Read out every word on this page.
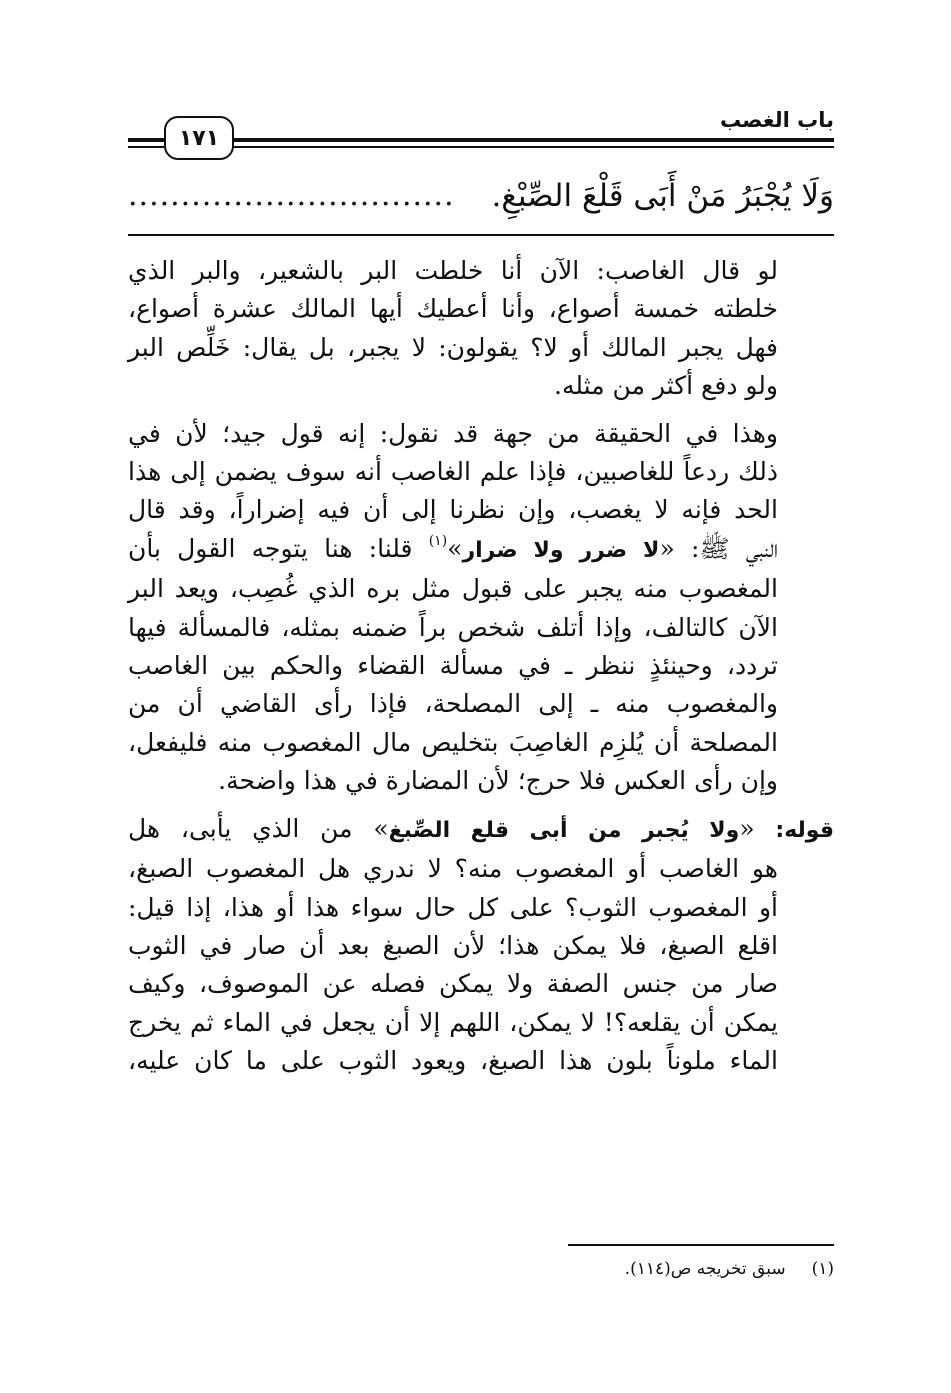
باب الغصب
١٧١
وَلَا يُجْبَرُ مَنْ أَبَى قَلْعَ الصِّبْغِ.
...............................

لو قال الغاصب: الآن أنا خلطت البر بالشعير، والبر الذي
خلطته خمسة أصواع، وأنا أعطيك أيها المالك عشرة أصواع،
فهل يجبر المالك أو لا؟ يقولون: لا يجبر، بل يقال: خَلِّص البر
ولو دفع أكثر من مثله.

وهذا في الحقيقة من جهة قد نقول: إنه قول جيد؛ لأن في
ذلك ردعاً للغاصبين، فإذا علم الغاصب أنه سوف يضمن إلى هذا
الحد فإنه لا يغصب، وإن نظرنا إلى أن فيه إضراراً، وقد قال
النبي ﷺ: «لا ضرر ولا ضرار»$^{(١)}$ قلنا: هنا يتوجه القول بأن
المغصوب منه يجبر على قبول مثل بره الذي غُصِب، ويعد البر
الآن كالتالف، وإذا أتلف شخص براً ضمنه بمثله، فالمسألة فيها
تردد، وحينئذٍ ننظر ـ في مسألة القضاء والحكم بين الغاصب
والمغصوب منه ـ إلى المصلحة، فإذا رأى القاضي أن من
المصلحة أن يُلزِم الغاصِبَ بتخليص مال المغصوب منه فليفعل،
وإن رأى العكس فلا حرج؛ لأن المضارة في هذا واضحة.

قوله: «ولا يُجبر من أبى قلع الصِّبغ» من الذي يأبى، هل
هو الغاصب أو المغصوب منه؟ لا ندري هل المغصوب الصبغ،
أو المغصوب الثوب؟ على كل حال سواء هذا أو هذا، إذا قيل:
اقلع الصبغ، فلا يمكن هذا؛ لأن الصبغ بعد أن صار في الثوب
صار من جنس الصفة ولا يمكن فصله عن الموصوف، وكيف
يمكن أن يقلعه؟! لا يمكن، اللهم إلا أن يجعل في الماء ثم يخرج
الماء ملوناً بلون هذا الصبغ، ويعود الثوب على ما كان عليه،

(١)سبق تخريجه ص(١١٤).
